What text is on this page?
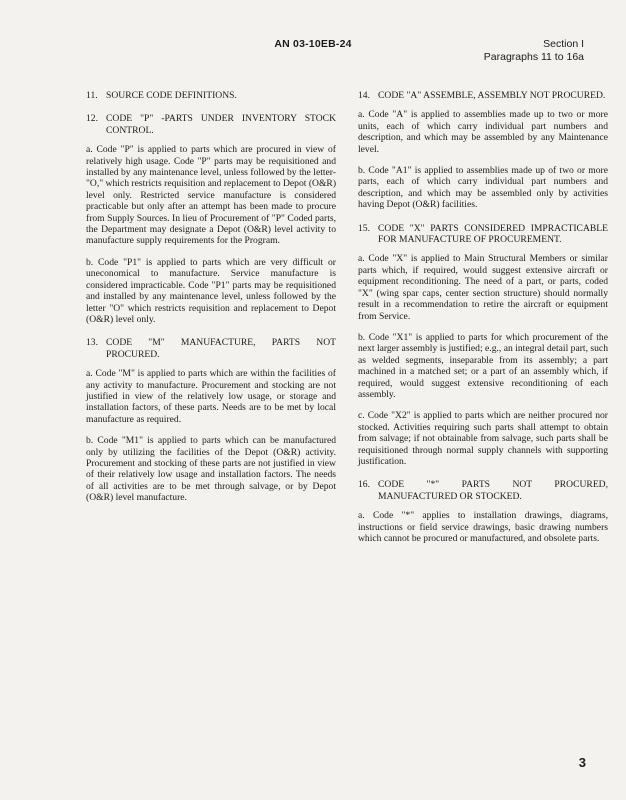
AN 03-10EB-24	Section I
Paragraphs 11 to 16a
11. SOURCE CODE DEFINITIONS.
12. CODE "P" -PARTS UNDER INVENTORY STOCK CONTROL.

a. Code "P" is applied to parts which are procured in view of relatively high usage. Code "P" parts may be requisitioned and installed by any maintenance level, unless followed by the letter- "O," which restricts requisition and replacement to Depot (O&R) level only. Restricted service manufacture is considered practicable but only after an attempt has been made to procure from Supply Sources. In lieu of Procurement of "P" Coded parts, the Department may designate a Depot (O&R) level activity to manufacture supply requirements for the Program.

b. Code "P1" is applied to parts which are very difficult or uneconomical to manufacture. Service manufacture is considered impracticable. Code "P1" parts may be requisitioned and installed by any maintenance level, unless followed by the letter "O" which restricts requisition and replacement to Depot (O&R) level only.

13. CODE "M" MANUFACTURE, PARTS NOT PROCURED.

a. Code "M" is applied to parts which are within the facilities of any activity to manufacture. Procurement and stocking are not justified in view of the relatively low usage, or storage and installation factors, of these parts. Needs are to be met by local manufacture as required.

b. Code "M1" is applied to parts which can be manufactured only by utilizing the facilities of the Depot (O&R) activity. Procurement and stocking of these parts are not justified in view of their relatively low usage and installation factors. The needs of all activities are to be met through salvage, or by Depot (O&R) level manufacture.

14. CODE "A" ASSEMBLE, ASSEMBLY NOT PROCURED.

a. Code "A" is applied to assemblies made up to two or more units, each of which carry individual part numbers and description, and which may be assembled by any Maintenance level.

b. Code "A1" is applied to assemblies made up of two or more parts, each of which carry individual part numbers and description, and which may be assembled only by activities having Depot (O&R) facilities.

15. CODE "X" PARTS CONSIDERED IMPRACTICABLE FOR MANUFACTURE OF PROCUREMENT.

a. Code "X" is applied to Main Structural Members or similar parts which, if required, would suggest extensive aircraft or equipment reconditioning. The need of a part, or parts, coded "X" (wing spar caps, center section structure) should normally result in a recommendation to retire the aircraft or equipment from Service.

b. Code "X1" is applied to parts for which procurement of the next larger assembly is justified; e.g., an integral detail part, such as welded segments, inseparable from its assembly; a part machined in a matched set; or a part of an assembly which, if required, would suggest extensive reconditioning of each assembly.

c. Code "X2" is applied to parts which are neither procured nor stocked. Activities requiring such parts shall attempt to obtain from salvage; if not obtainable from salvage, such parts shall be requisitioned through normal supply channels with supporting justification.

16. CODE "*" PARTS NOT PROCURED, MANUFACTURED OR STOCKED.

a. Code "*" applies to installation drawings, diagrams, instructions or field service drawings, basic drawing numbers which cannot be procured or manufactured, and obsolete parts.

3
